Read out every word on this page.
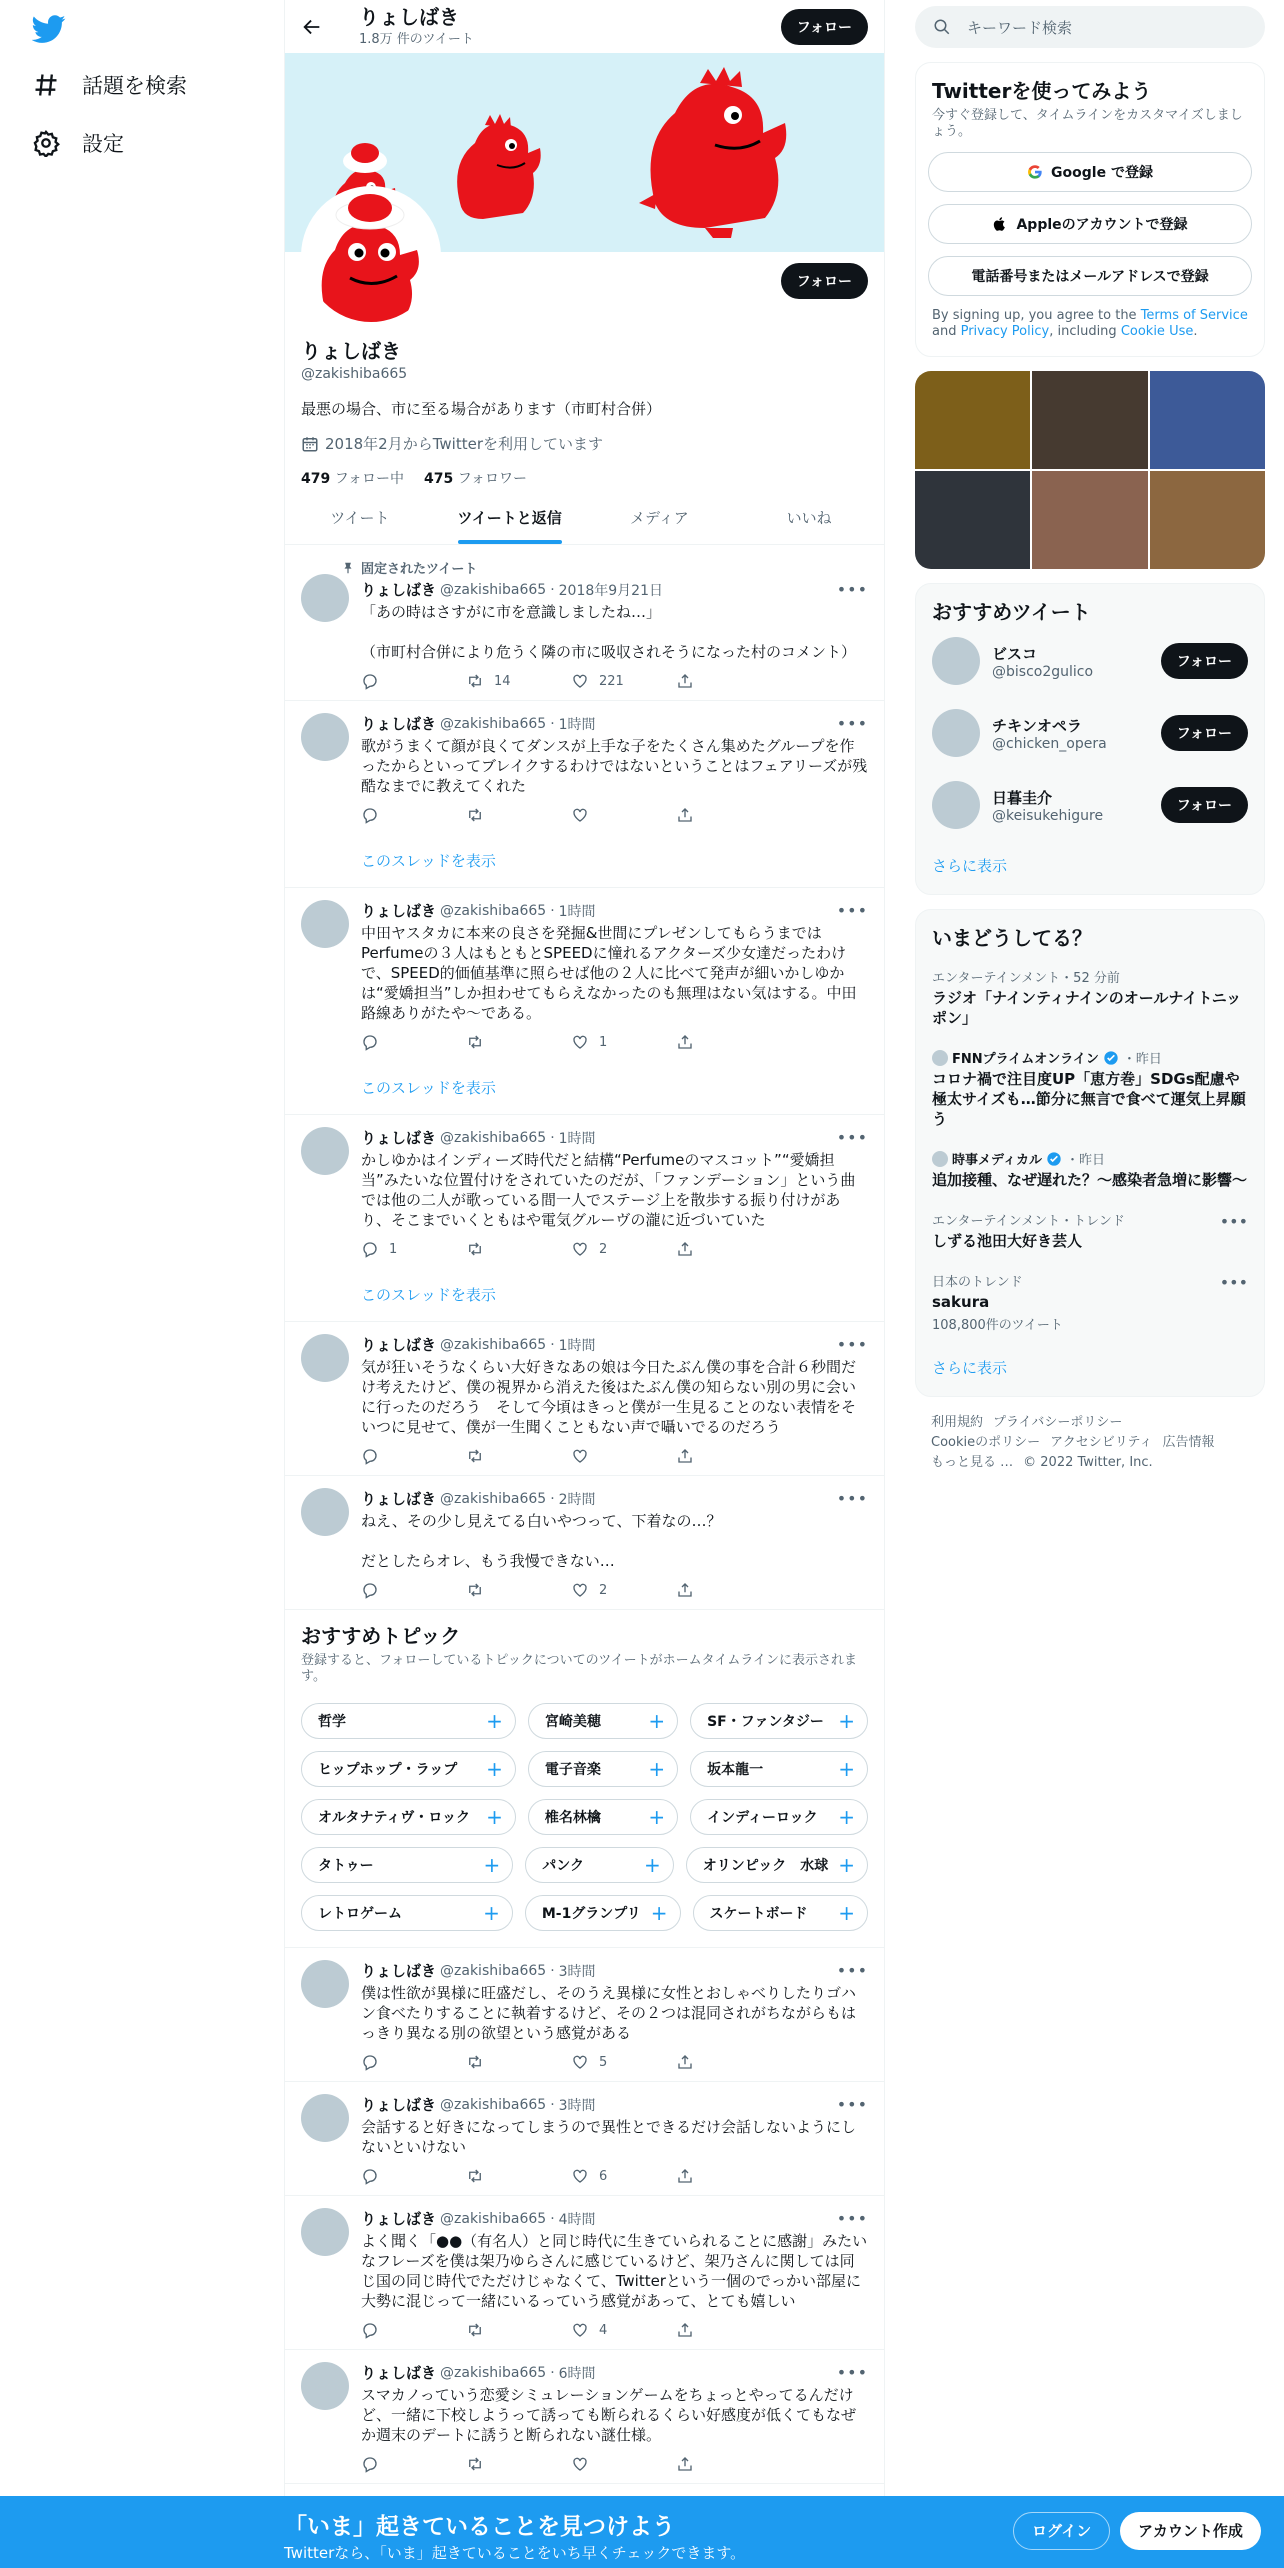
話題を検索
設定
りょしばき
1.8万 件のツイート
フォロー
フォロー
りょしばき
@zakishiba665
最悪の場合、市に至る場合があります（市町村合併）
2018年2月からTwitterを利用しています
479 フォロー中 475 フォロワー
ツイート	ツイートと返信	メディア	いいね
固定されたツイート
りょしばき @zakishiba665 · 2018年9月21日	•••
「あの時はさすがに市を意識しましたね…」

（市町村合併により危うく隣の市に吸収されそうになった村のコメント）
14	221
りょしばき @zakishiba665 · 1時間	•••
歌がうまくて顔が良くてダンスが上手な子をたくさん集めたグループを作ったからといってブレイクするわけではないということはフェアリーズが残酷なまでに教えてくれた
このスレッドを表示
りょしばき @zakishiba665 · 1時間	•••
中田ヤスタカに本来の良さを発掘&世間にプレゼンしてもらうまではPerfumeの３人はもともとSPEEDに憧れるアクターズ少女達だったわけで、SPEED的価値基準に照らせば他の２人に比べて発声が細いかしゆかは“愛嬌担当”しか担わせてもらえなかったのも無理はない気はする。中田路線ありがたや〜である。
1
このスレッドを表示
りょしばき @zakishiba665 · 1時間	•••
かしゆかはインディーズ時代だと結構“Perfumeのマスコット”“愛嬌担当”みたいな位置付けをされていたのだが、「ファンデーション」という曲では他の二人が歌っている間一人でステージ上を散歩する振り付けがあり、そこまでいくともはや電気グルーヴの瀧に近づいていた
1	2
このスレッドを表示
りょしばき @zakishiba665 · 1時間	•••
気が狂いそうなくらい大好きなあの娘は今日たぶん僕の事を合計６秒間だけ考えたけど、僕の視界から消えた後はたぶん僕の知らない別の男に会いに行ったのだろう　そして今頃はきっと僕が一生見ることのない表情をそいつに見せて、僕が一生聞くこともない声で囁いでるのだろう
りょしばき @zakishiba665 · 2時間	•••
ねえ、その少し見えてる白いやつって、下着なの…？

だとしたらオレ、もう我慢できない…
2
おすすめトピック
登録すると、フォローしているトピックについてのツイートがホームタイムラインに表示されます。
哲学	+	宮崎美穂 +	SF・ファンタジー +
ヒップホップ・ラップ +	電子音楽 +	坂本龍一	+
オルタナティヴ・ロック +	椎名林檎 +	インディーロック +
タトゥー	+	パンク	+	オリンピック　水球 +
レトロゲーム	+	M-1グランプリ +	スケートボード +
りょしばき @zakishiba665 · 3時間	•••
僕は性欲が異様に旺盛だし、そのうえ異様に女性とおしゃべりしたりゴハン食べたりすることに執着するけど、その２つは混同されがちながらもはっきり異なる別の欲望という感覚がある
5
りょしばき @zakishiba665 · 3時間	•••
会話すると好きになってしまうので異性とできるだけ会話しないようにしないといけない
6
りょしばき @zakishiba665 · 4時間	•••
よく聞く「●●（有名人）と同じ時代に生きていられることに感謝」みたいなフレーズを僕は架乃ゆらさんに感じているけど、架乃さんに関しては同じ国の同じ時代でただけじゃなくて、Twitterという一個のでっかい部屋に大勢に混じって一緒にいるっていう感覚があって、とても嬉しい
4
りょしばき @zakishiba665 · 6時間	•••
スマカノっていう恋愛シミュレーションゲームをちょっとやってるんだけど、一緒に下校しようって誘っても断られるくらい好感度が低くてもなぜか週末のデートに誘うと断られない謎仕様。
キーワード検索
Twitterを使ってみよう
今すぐ登録して、タイムラインをカスタマイズしましょう。
Google で登録
Appleのアカウントで登録
電話番号またはメールアドレスで登録
By signing up, you agree to the Terms of Service and Privacy Policy, including Cookie Use.
おすすめツイート
ビスコ
@bisco2gulico
フォロー
チキンオペラ
@chicken_opera
フォロー
日暮圭介
@keisukehigure
フォロー
さらに表示
いまどうしてる？
エンターテインメント・52 分前
ラジオ「ナインティナインのオールナイトニッポン」
FNNプライムオンライン ・昨日
コロナ禍で注目度UP「恵方巻」SDGs配慮や極太サイズも…節分に無言で食べて運気上昇願う
時事メディカル ・昨日
追加接種、なぜ遅れた？～感染者急増に影響～
エンターテインメント・トレンド
しずる池田大好き芸人
•••
日本のトレンド
sakura
108,800件のツイート
•••
さらに表示
利用規約 プライバシーポリシー
Cookieのポリシー アクセシビリティ 広告情報
もっと見る … © 2022 Twitter, Inc.
「いま」起きていることを見つけよう
Twitterなら、「いま」起きていることをいち早くチェックできます。
ログイン	アカウント作成
